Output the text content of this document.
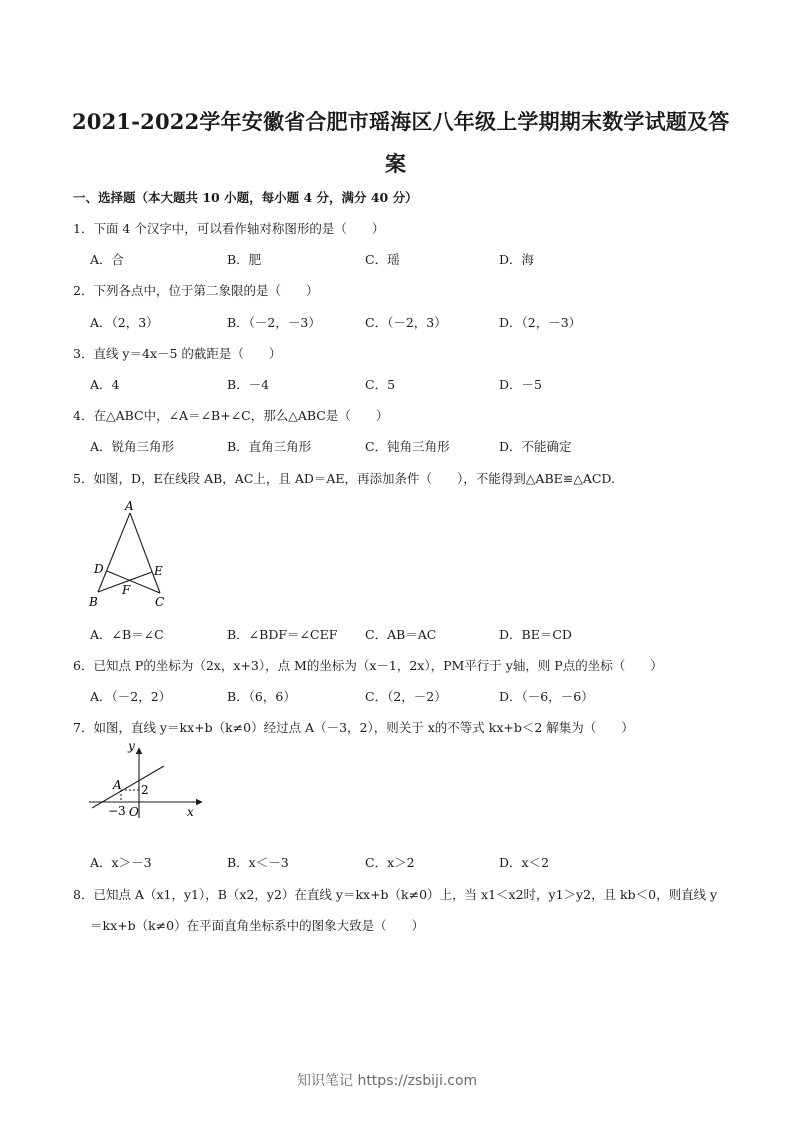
2021-2022学年安徽省合肥市瑶海区八年级上学期期末数学试题及答
案
一、选择题（本大题共 10 小题，每小题 4 分，满分 40 分）
1．下面 4 个汉字中，可以看作轴对称图形的是（　　）
A．合	B．肥	C．瑶	D．海
2．下列各点中，位于第二象限的是（　　）
A．（2，3）	B．（－2，－3）	C．（－2，3）	D．（2，－3）
3．直线 y＝4x－5 的截距是（　　）
A．4	B．－4	C．5	D．－5
4．在△ABC中，∠A＝∠B+∠C，那么△ABC是（　　）
A．锐角三角形	B．直角三角形	C．钝角三角形	D．不能确定
5．如图，D，E在线段 AB，AC上，且 AD＝AE，再添加条件（　　），不能得到△ABE≌△ACD.
A
D	E
F
B	C
A．∠B＝∠C	B．∠BDF＝∠CEF C．AB＝AC	D．BE＝CD
6．已知点 P的坐标为（2x，x+3），点 M的坐标为（x－1，2x），PM平行于 y轴，则 P点的坐标（　　）
A．（－2，2）	B．（6，6）	C．（2，－2）	D．（－6，－6）
7．如图，直线 y＝kx+b（k≠0）经过点 A（－3，2），则关于 x的不等式 kx+b＜2 解集为（　　）
y
x
A 2
−3 O
A．x＞－3	B．x＜－3	C．x＞2	D．x＜2
8．已知点 A（x1，y1），B（x2，y2）在直线 y＝kx+b（k≠0）上，当 x1＜x2时，y1＞y2，且 kb＜0，则直线 y
＝kx+b（k≠0）在平面直角坐标系中的图象大致是（　　）
知识笔记 https://zsbiji.com
